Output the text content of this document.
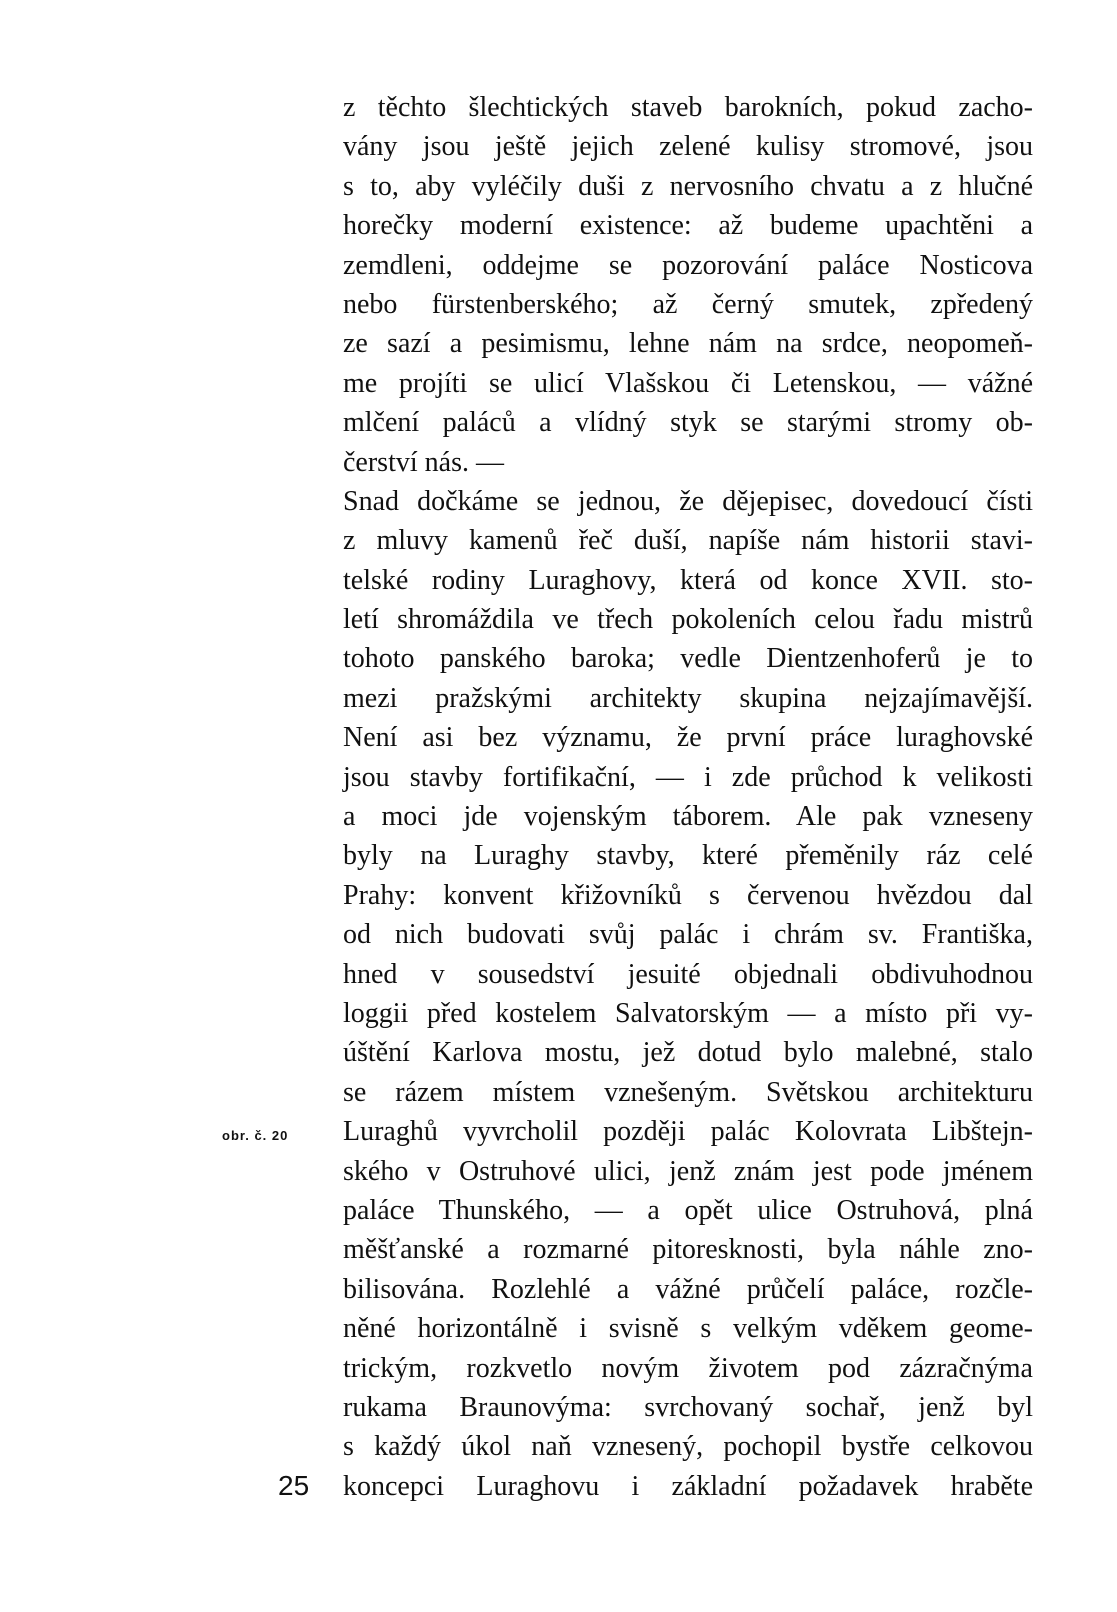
z těchto šlechtických staveb barokních, pokud zacho-
vány jsou ještě jejich zelené kulisy stromové, jsou
s to, aby vyléčily duši z nervosního chvatu a z hlučné
horečky moderní existence: až budeme upachtěni a
zemdleni, oddejme se pozorování paláce Nosticova
nebo fürstenberského; až černý smutek, zpředený
ze sazí a pesimismu, lehne nám na srdce, neopomeň-
me projíti se ulicí Vlašskou či Letenskou, — vážné
mlčení paláců a vlídný styk se starými stromy ob-
čerství nás. —
Snad dočkáme se jednou, že dějepisec, dovedoucí čísti
z mluvy kamenů řeč duší, napíše nám historii stavi-
telské rodiny Luraghovy, která od konce XVII. sto-
letí shromáždila ve třech pokoleních celou řadu mistrů
tohoto panského baroka; vedle Dientzenhoferů je to
mezi pražskými architekty skupina nejzajímavější.
Není asi bez významu, že první práce luraghovské
jsou stavby fortifikační, — i zde průchod k velikosti
a moci jde vojenským táborem. Ale pak vzneseny
byly na Luraghy stavby, které přeměnily ráz celé
Prahy: konvent křižovníků s červenou hvězdou dal
od nich budovati svůj palác i chrám sv. Františka,
hned v sousedství jesuité objednali obdivuhodnou
loggii před kostelem Salvatorským — a místo při vy-
úštění Karlova mostu, jež dotud bylo malebné, stalo
se rázem místem vznešeným. Světskou architekturu
Luraghů vyvrcholil později palác Kolovrata Libštejn-
ského v Ostruhové ulici, jenž znám jest pode jménem
paláce Thunského, — a opět ulice Ostruhová, plná
měšťanské a rozmarné pitoresknosti, byla náhle zno-
bilisována. Rozlehlé a vážné průčelí paláce, rozčle-
něné horizontálně i svisně s velkým vděkem geome-
trickým, rozkvetlo novým životem pod zázračnýma
rukama Braunovýma: svrchovaný sochař, jenž byl
s každý úkol naň vznesený, pochopil bystře celkovou
koncepci Luraghovu i základní požadavek hraběte
obr. č. 20
25
